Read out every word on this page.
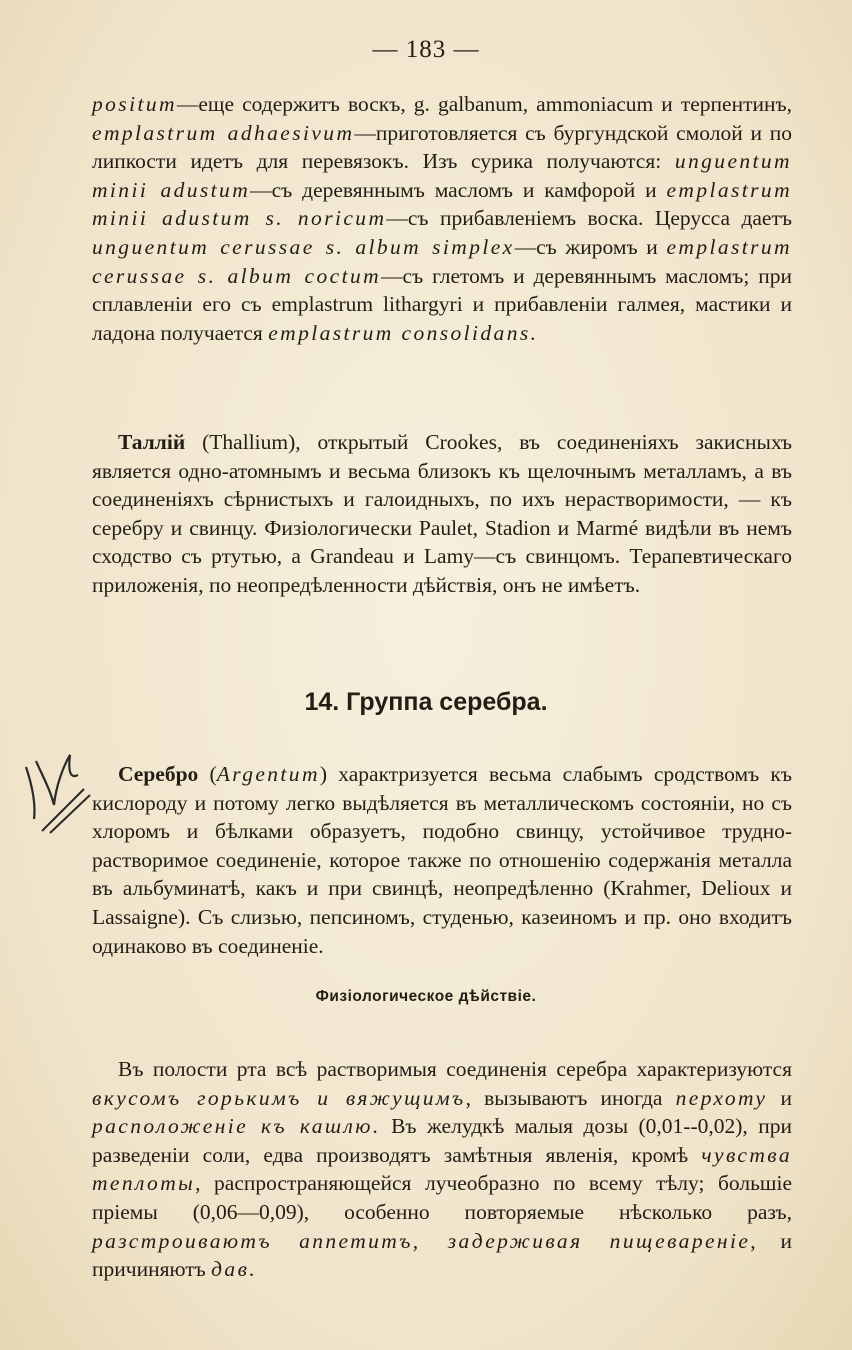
— 183 —

positum—еще содержитъ воскъ, g. galbanum, ammoniacum и терпентинъ, emplastrum adhaesivum—приготовляется съ бургундской смолой и по липкости идетъ для перевязокъ. Изъ сурика получаются: unguentum minii adustum—съ деревяннымъ масломъ и камфорой и emplastrum minii adustum s. noricum—съ прибавленіемъ воска. Церусса даетъ unguentum cerussae s. album simplex—съ жиромъ и emplastrum cerussae s. album coctum—съ глетомъ и деревяннымъ масломъ; при сплавленіи его съ emplastrum lithargyri и прибавленіи галмея, мастики и ладона получается emplastrum consolidans.

Таллій (Thallium), открытый Crookes, въ соединеніяхъ закисныхъ является одно-атомнымъ и весьма близокъ къ щелочнымъ металламъ, а въ соединеніяхъ сѣрнистыхъ и галоидныхъ, по ихъ нерастворимости, — къ серебру и свинцу. Физіологически Paulet, Stadion и Marmé видѣли въ немъ сходство съ ртутью, а Grandeau и Lamy—съ свинцомъ. Терапевтическаго приложенія, по неопредѣленности дѣйствія, онъ не имѣетъ.

14. Группа серебра.

Серебро (Argentum) характризуется весьма слабымъ сродствомъ къ кислороду и потому легко выдѣляется въ металлическомъ состояніи, но съ хлоромъ и бѣлками образуетъ, подобно свинцу, устойчивое трудно-растворимое соединеніе, которое также по отношенію содержанія металла въ альбуминатѣ, какъ и при свинцѣ, неопредѣленно (Krahmer, Delioux и Lassaigne). Съ слизью, пепсиномъ, студенью, казеиномъ и пр. оно входитъ одинаково въ соединеніе.

Физіологическое дѣйствіе.

Въ полости рта всѣ растворимыя соединенія серебра характеризуются вкусомъ горькимъ и вяжущимъ, вызываютъ иногда перхоту и расположеніе къ кашлю. Въ желудкѣ малыя дозы (0,01--0,02), при разведеніи соли, едва производятъ замѣтныя явленія, кромѣ чувства теплоты, распространяющейся лучеобразно по всему тѣлу; большіе пріемы (0,06—0,09), особенно повторяемые нѣсколько разъ, разстроиваютъ аппетитъ, задерживая пищевареніе, и причиняютъ дав.
